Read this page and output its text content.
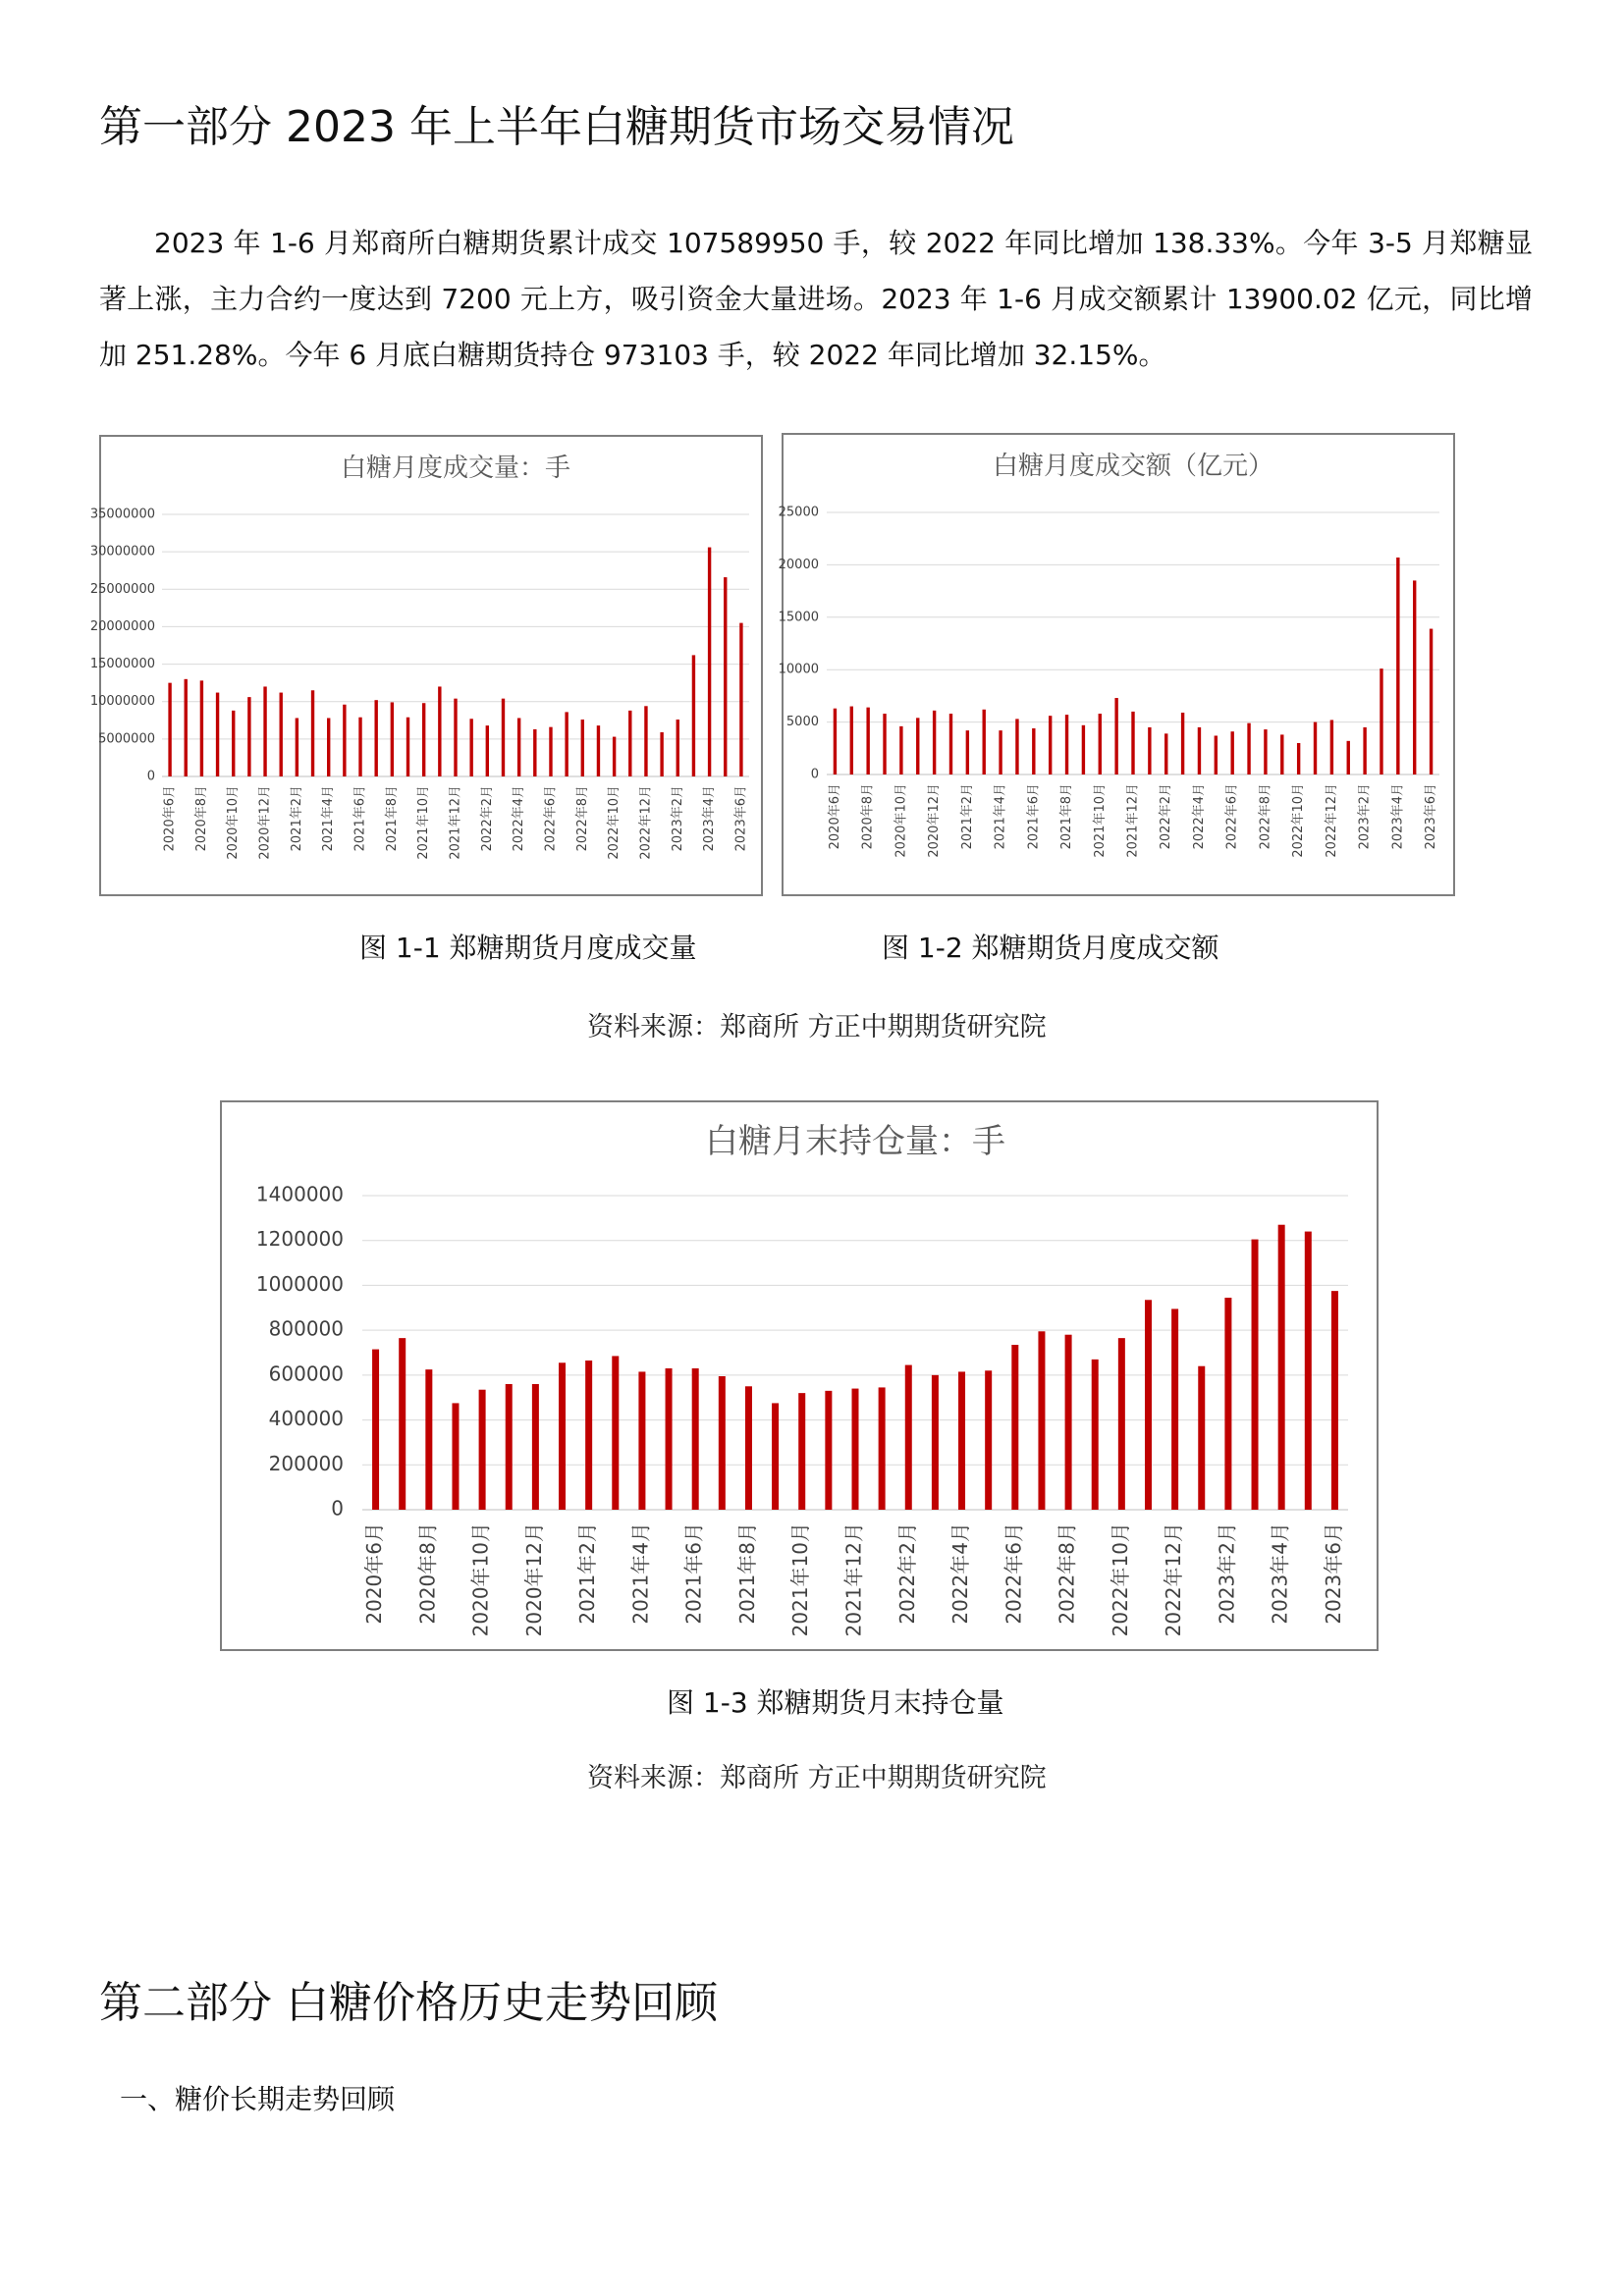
第一部分 2023 年上半年白糖期货市场交易情况

2023 年 1-6 月郑商所白糖期货累计成交 107589950 手，较 2022 年同比增加 138.33%。今年 3-5 月郑糖显著上涨，主力合约一度达到 7200 元上方，吸引资金大量进场。2023 年 1-6 月成交额累计 13900.02 亿元，同比增加 251.28%。今年 6 月底白糖期货持仓 973103 手，较 2022 年同比增加 32.15%。

白糖月度成交量：手
35000000
30000000
25000000
20000000
15000000
10000000
5000000
0
2020年6月 2020年8月 2020年10月 2020年12月 2021年2月 2021年4月 2021年6月 2021年8月 2021年10月 2021年12月 2022年2月 2022年4月 2022年6月 2022年8月 2022年10月 2022年12月 2023年2月 2023年4月 2023年6月
白糖月度成交额（亿元）
25000
20000
15000
10000
5000
0
2020年6月 2020年8月 2020年10月 2020年12月 2021年2月 2021年4月 2021年6月 2021年8月 2021年10月 2021年12月 2022年2月 2022年4月 2022年6月 2022年8月 2022年10月 2022年12月 2023年2月 2023年4月 2023年6月
图 1-1 郑糖期货月度成交量	图 1-2 郑糖期货月度成交额
资料来源：郑商所 方正中期期货研究院
白糖月末持仓量：手
1400000
1200000
1000000
800000
600000
400000
200000
0
2020年6月 2020年8月 2020年10月 2020年12月 2021年2月 2021年4月 2021年6月 2021年8月 2021年10月 2021年12月 2022年2月 2022年4月 2022年6月 2022年8月 2022年10月 2022年12月 2023年2月 2023年4月 2023年6月
图 1-3 郑糖期货月末持仓量
资料来源：郑商所 方正中期期货研究院
第二部分 白糖价格历史走势回顾
一、糖价长期走势回顾
